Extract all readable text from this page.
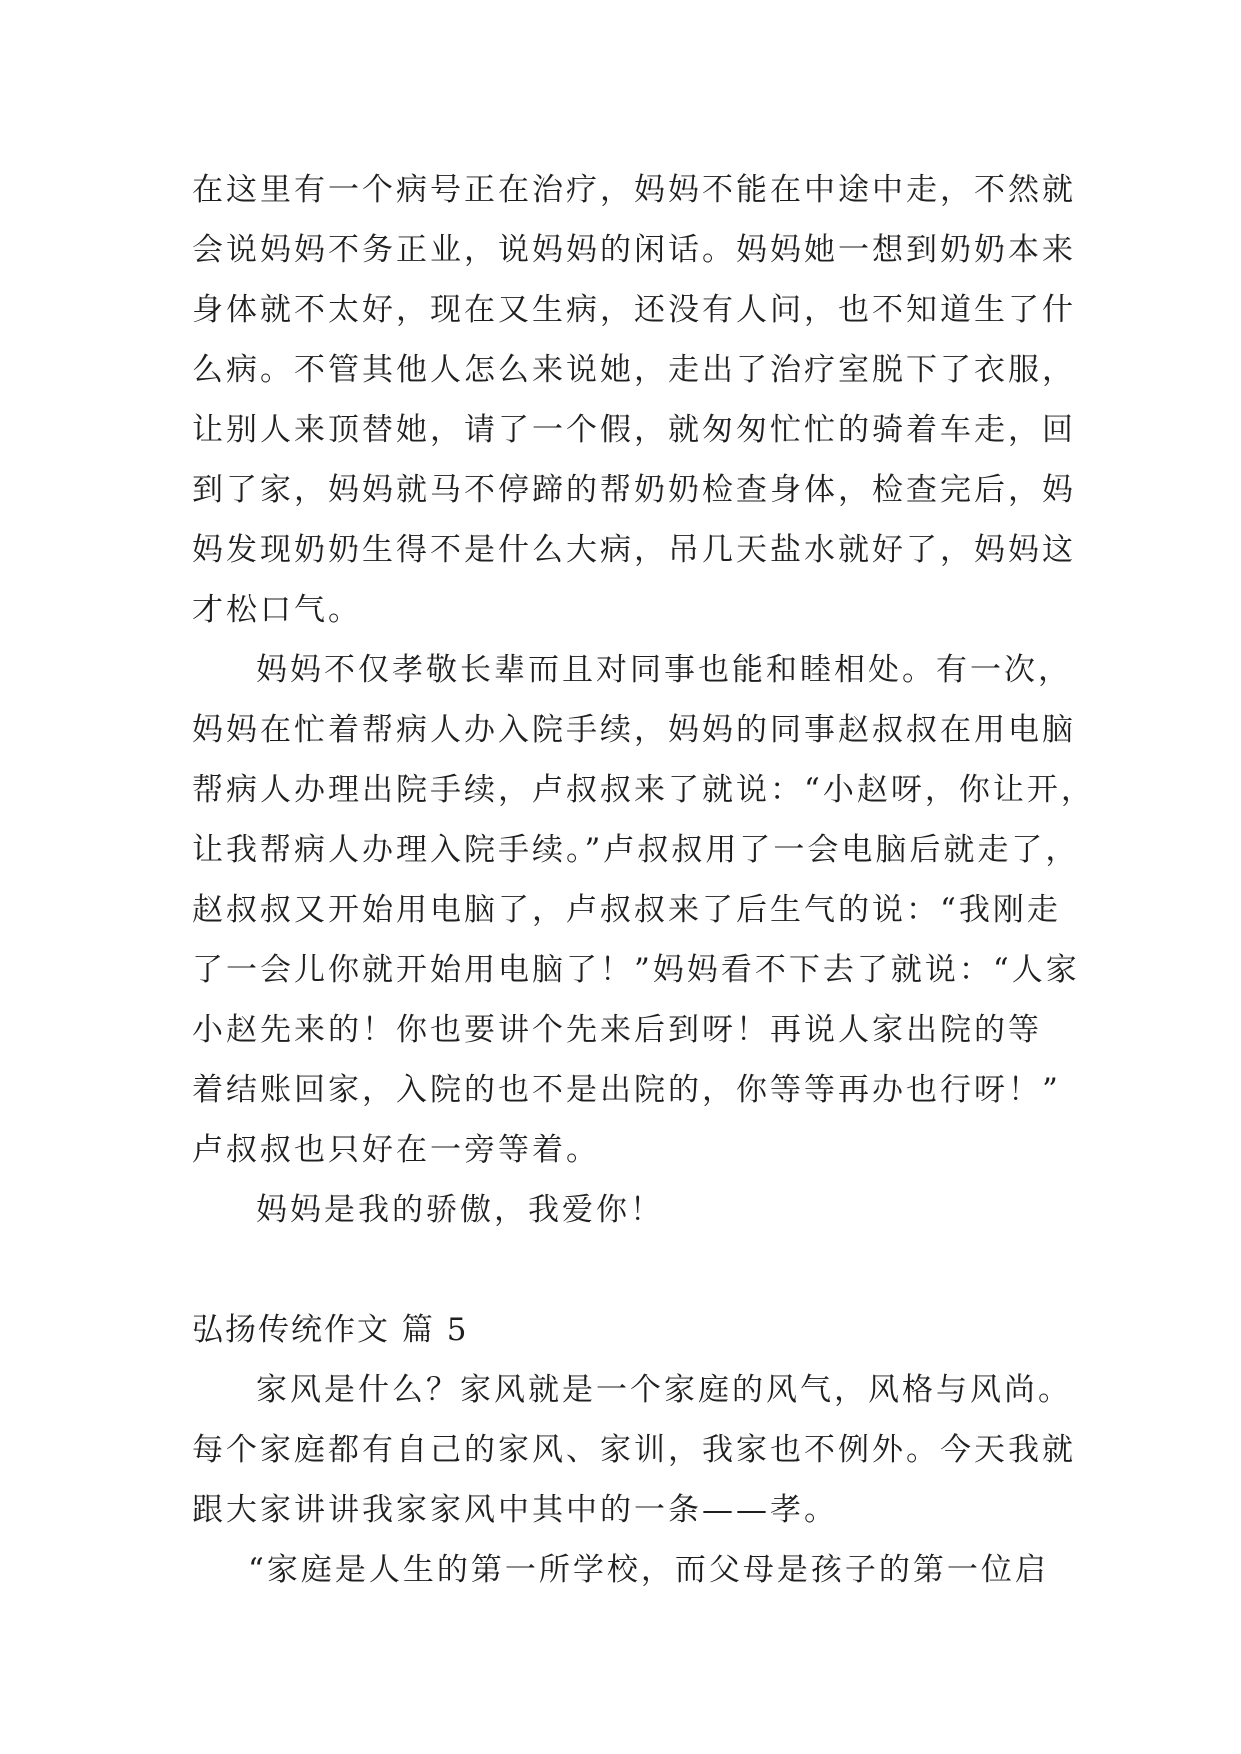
在这里有一个病号正在治疗，妈妈不能在中途中走，不然就
会说妈妈不务正业，说妈妈的闲话。妈妈她一想到奶奶本来
身体就不太好，现在又生病，还没有人问，也不知道生了什
么病。不管其他人怎么来说她，走出了治疗室脱下了衣服，
让别人来顶替她，请了一个假，就匆匆忙忙的骑着车走，回
到了家，妈妈就马不停蹄的帮奶奶检查身体，检查完后，妈
妈发现奶奶生得不是什么大病，吊几天盐水就好了，妈妈这
才松口气。
妈妈不仅孝敬长辈而且对同事也能和睦相处。有一次，
妈妈在忙着帮病人办入院手续，妈妈的同事赵叔叔在用电脑
帮病人办理出院手续，卢叔叔来了就说：“小赵呀，你让开，
让我帮病人办理入院手续。”卢叔叔用了一会电脑后就走了，
赵叔叔又开始用电脑了，卢叔叔来了后生气的说：“我刚走
了一会儿你就开始用电脑了！”妈妈看不下去了就说：“人家
小赵先来的！你也要讲个先来后到呀！再说人家出院的等
着结账回家，入院的也不是出院的，你等等再办也行呀！”
卢叔叔也只好在一旁等着。
妈妈是我的骄傲，我爱你！
弘扬传统作文 篇 5
家风是什么？家风就是一个家庭的风气，风格与风尚。
每个家庭都有自己的家风、家训，我家也不例外。今天我就
跟大家讲讲我家家风中其中的一条——孝。
“家庭是人生的第一所学校，而父母是孩子的第一位启
